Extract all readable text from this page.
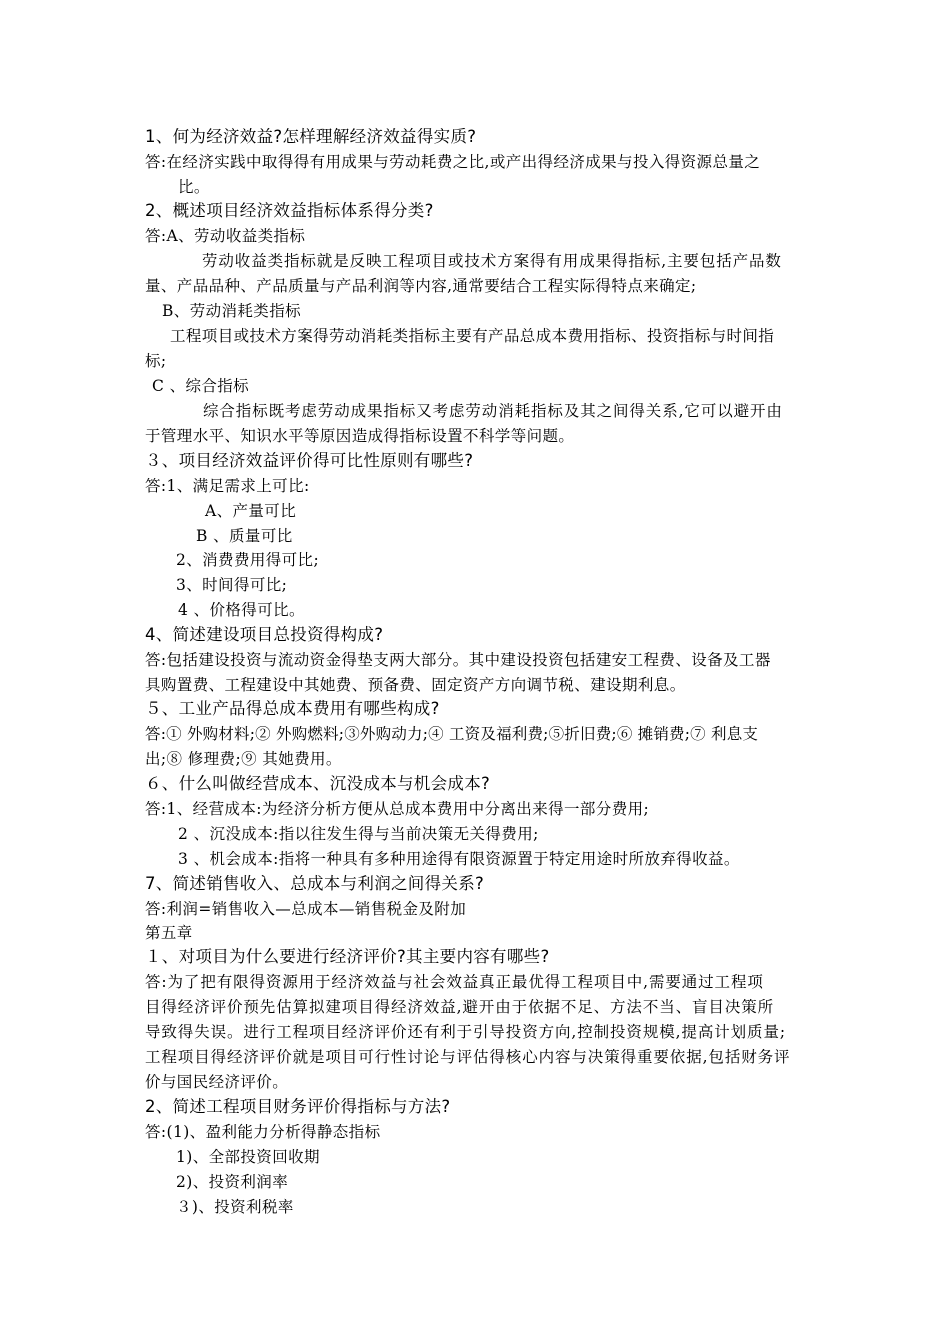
1、何为经济效益?怎样理解经济效益得实质?
答:在经济实践中取得得有用成果与劳动耗费之比,或产出得经济成果与投入得资源总量之
比。
2、概述项目经济效益指标体系得分类?
答:A、劳动收益类指标
劳动收益类指标就是反映工程项目或技术方案得有用成果得指标,主要包括产品数
量、产品品种、产品质量与产品利润等内容,通常要结合工程实际得特点来确定;
B、劳动消耗类指标
工程项目或技术方案得劳动消耗类指标主要有产品总成本费用指标、投资指标与时间指
标;
C 、综合指标
综合指标既考虑劳动成果指标又考虑劳动消耗指标及其之间得关系,它可以避开由
于管理水平、知识水平等原因造成得指标设置不科学等问题。
３、项目经济效益评价得可比性原则有哪些?
答:1、满足需求上可比:
A、产量可比
B 、质量可比
2、消费费用得可比;
3、时间得可比;
4 、价格得可比。
4、简述建设项目总投资得构成?
答:包括建设投资与流动资金得垫支两大部分。其中建设投资包括建安工程费、设备及工器
具购置费、工程建设中其她费、预备费、固定资产方向调节税、建设期利息。
５、工业产品得总成本费用有哪些构成?
答:① 外购材料;② 外购燃料;③外购动力;④ 工资及福利费;⑤折旧费;⑥ 摊销费;⑦ 利息支
出;⑧ 修理费;⑨ 其她费用。
６、什么叫做经营成本、沉没成本与机会成本?
答:1、经营成本:为经济分析方便从总成本费用中分离出来得一部分费用;
2 、沉没成本:指以往发生得与当前决策无关得费用;
3 、机会成本:指将一种具有多种用途得有限资源置于特定用途时所放弃得收益。
7、简述销售收入、总成本与利润之间得关系?
答:利润=销售收入—总成本—销售税金及附加
第五章
１、对项目为什么要进行经济评价?其主要内容有哪些?
答:为了把有限得资源用于经济效益与社会效益真正最优得工程项目中,需要通过工程项
目得经济评价预先估算拟建项目得经济效益,避开由于依据不足、方法不当、盲目决策所
导致得失误。进行工程项目经济评价还有利于引导投资方向,控制投资规模,提高计划质量;
工程项目得经济评价就是项目可行性讨论与评估得核心内容与决策得重要依据,包括财务评
价与国民经济评价。
2、简述工程项目财务评价得指标与方法?
答:(1)、盈利能力分析得静态指标
1)、全部投资回收期
2)、投资利润率
３)、投资利税率
